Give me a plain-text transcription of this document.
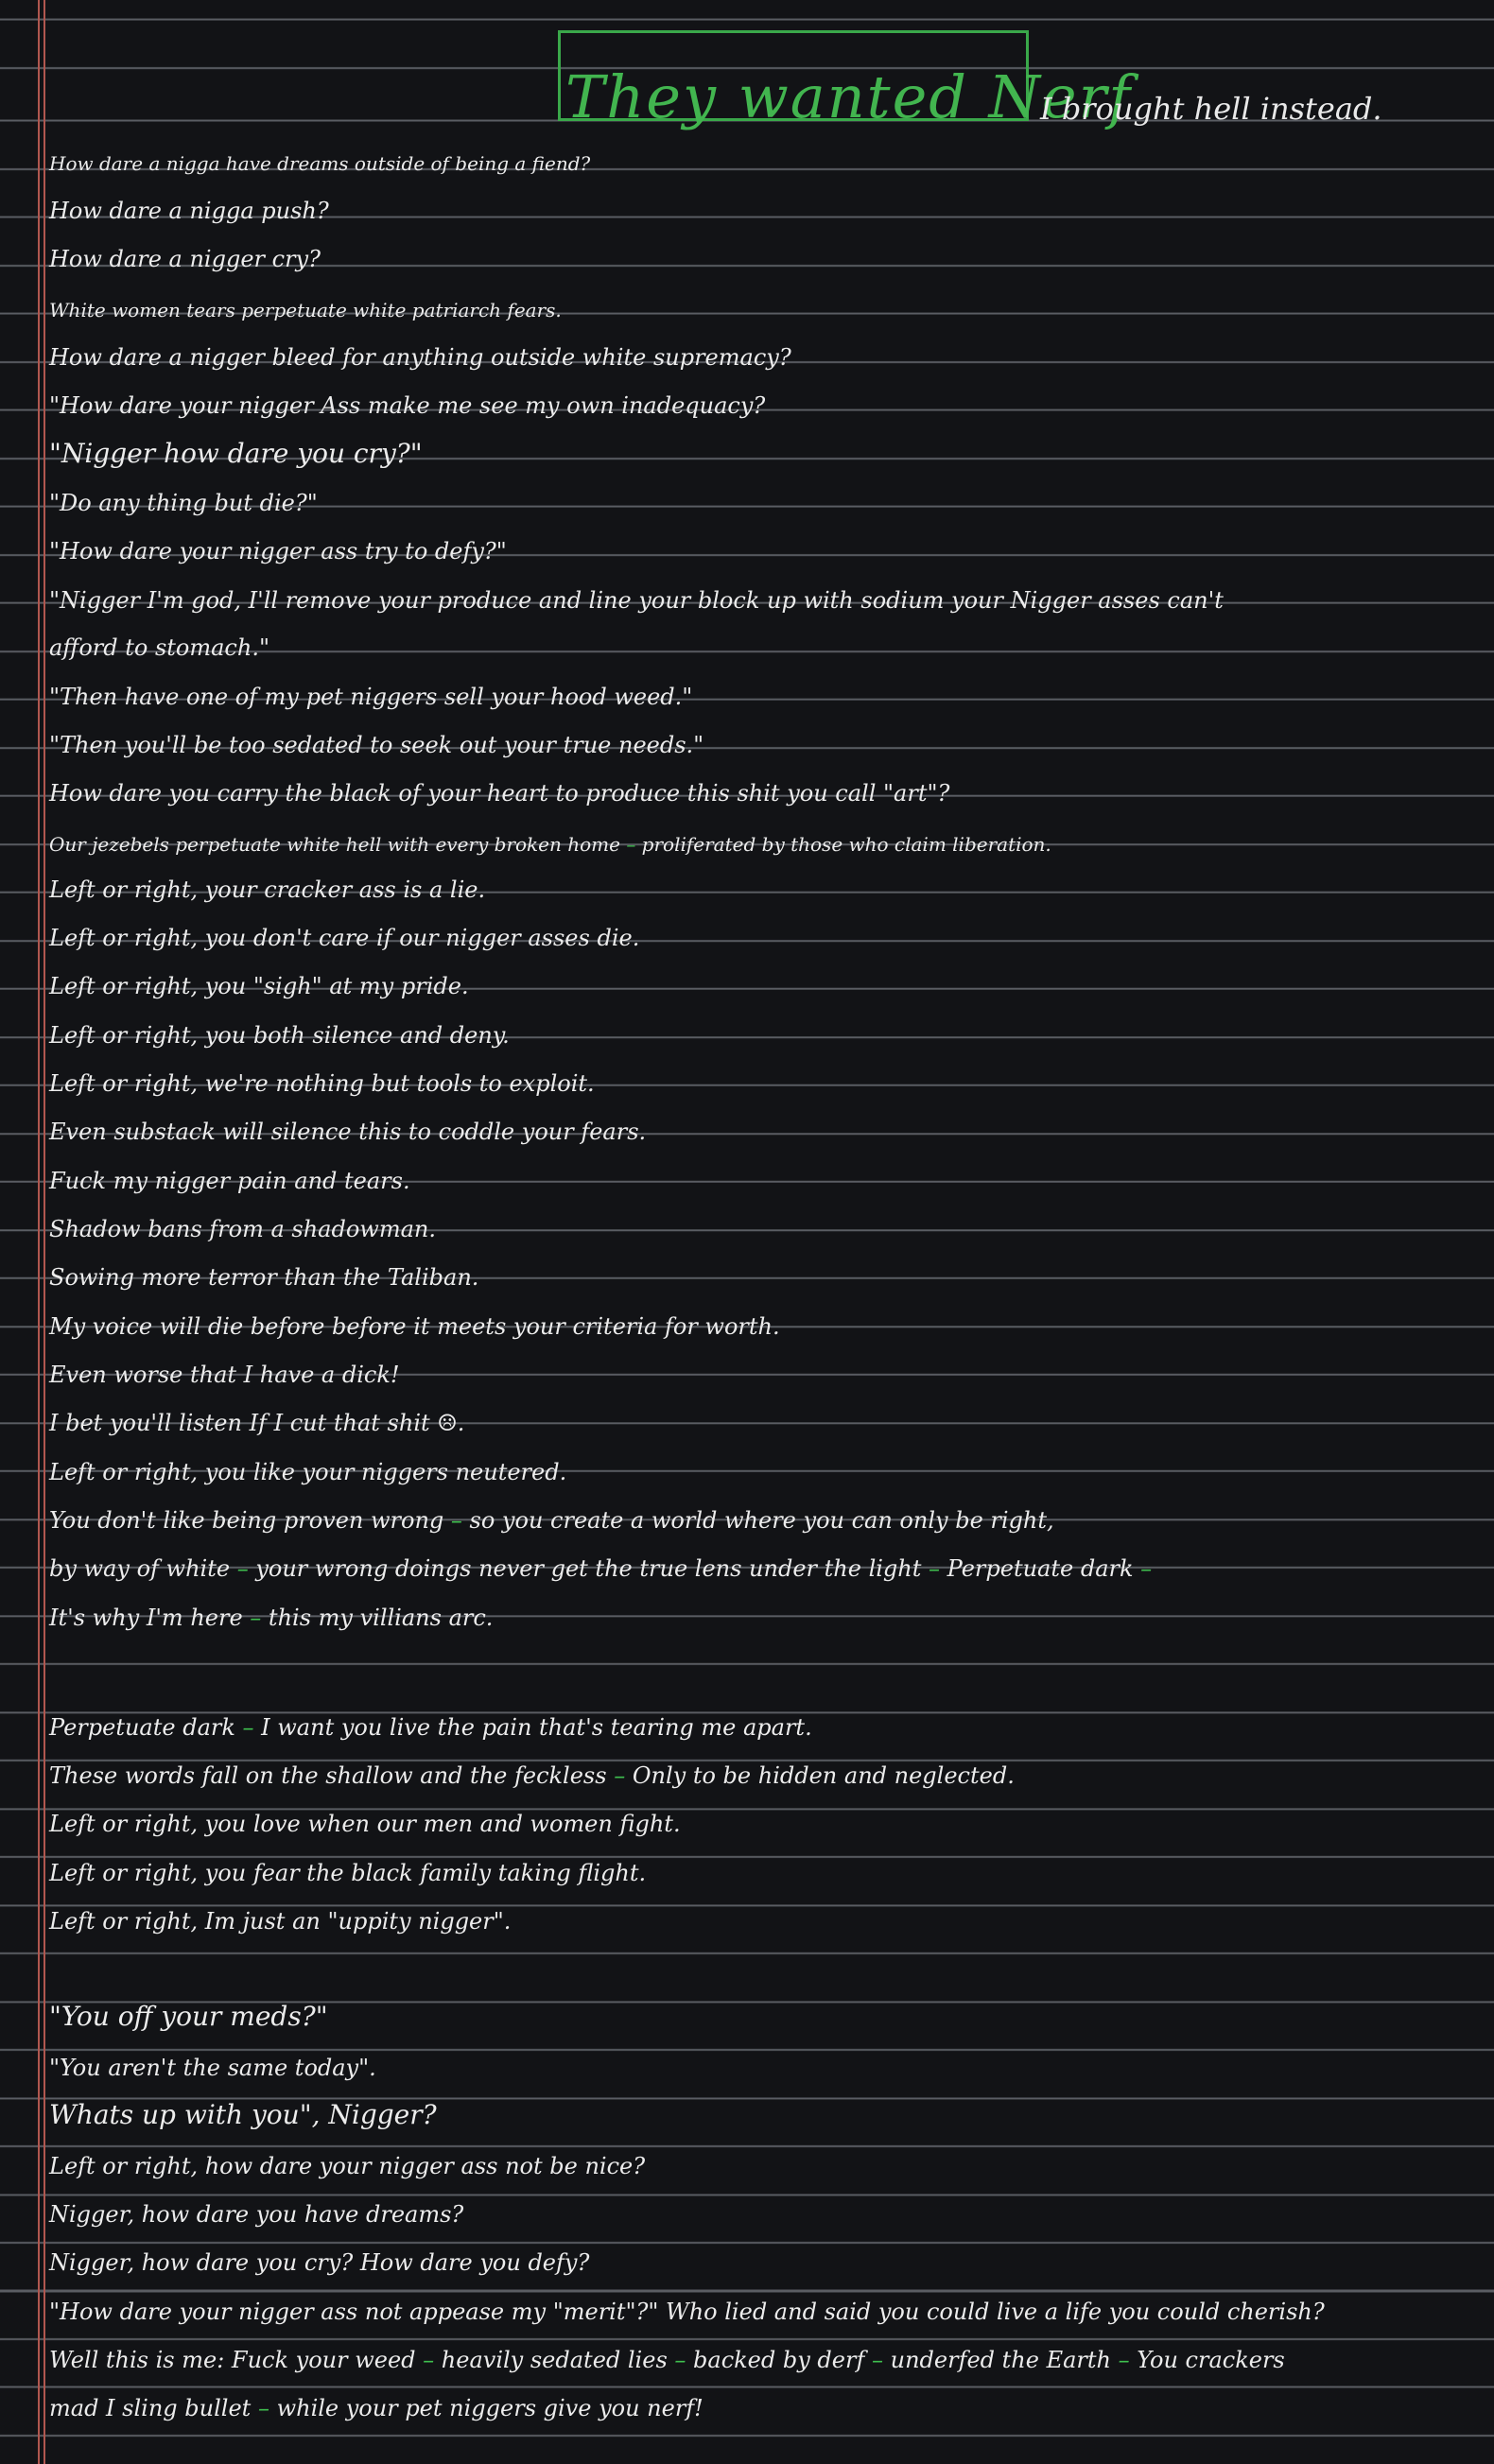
They wanted Nerf
I brought hell instead.
How dare a nigga have dreams outside of being a fiend?
How dare a nigga push?
How dare a nigger cry?
White women tears perpetuate white patriarch fears.
How dare a nigger bleed for anything outside white supremacy?
"How dare your nigger Ass make me see my own inadequacy?
"Nigger how dare you cry?"
"Do any thing but die?"
"How dare your nigger ass try to defy?"
"Nigger I'm god, I'll remove your produce and line your block up with sodium your Nigger asses can't
afford to stomach."
"Then have one of my pet niggers sell your hood weed."
"Then you'll be too sedated to seek out your true needs."
How dare you carry the black of your heart to produce this shit you call "art"?
Our jezebels perpetuate white hell with every broken home – proliferated by those who claim liberation.
Left or right, your cracker ass is a lie.
Left or right, you don't care if our nigger asses die.
Left or right, you "sigh" at my pride.
Left or right, you both silence and deny.
Left or right, we're nothing but tools to exploit.
Even substack will silence this to coddle your fears.
Fuck my nigger pain and tears.
Shadow bans from a shadowman.
Sowing more terror than the Taliban.
My voice will die before before it meets your criteria for worth.
Even worse that I have a dick!
I bet you'll listen If I cut that shit ☹.
Left or right, you like your niggers neutered.
You don't like being proven wrong – so you create a world where you can only be right,
by way of white – your wrong doings never get the true lens under the light – Perpetuate dark –
It's why I'm here – this my villians arc.
Perpetuate dark – I want you live the pain that's tearing me apart.
These words fall on the shallow and the feckless – Only to be hidden and neglected.
Left or right, you love when our men and women fight.
Left or right, you fear the black family taking flight.
Left or right, Im just an "uppity nigger".
"You off your meds?"
"You aren't the same today".
Whats up with you", Nigger?
Left or right, how dare your nigger ass not be nice?
Nigger, how dare you have dreams?
Nigger, how dare you cry? How dare you defy?
"How dare your nigger ass not appease my "merit"?" Who lied and said you could live a life you could cherish?
Well this is me: Fuck your weed – heavily sedated lies – backed by derf – underfed the Earth – You crackers
mad I sling bullet – while your pet niggers give you nerf!
